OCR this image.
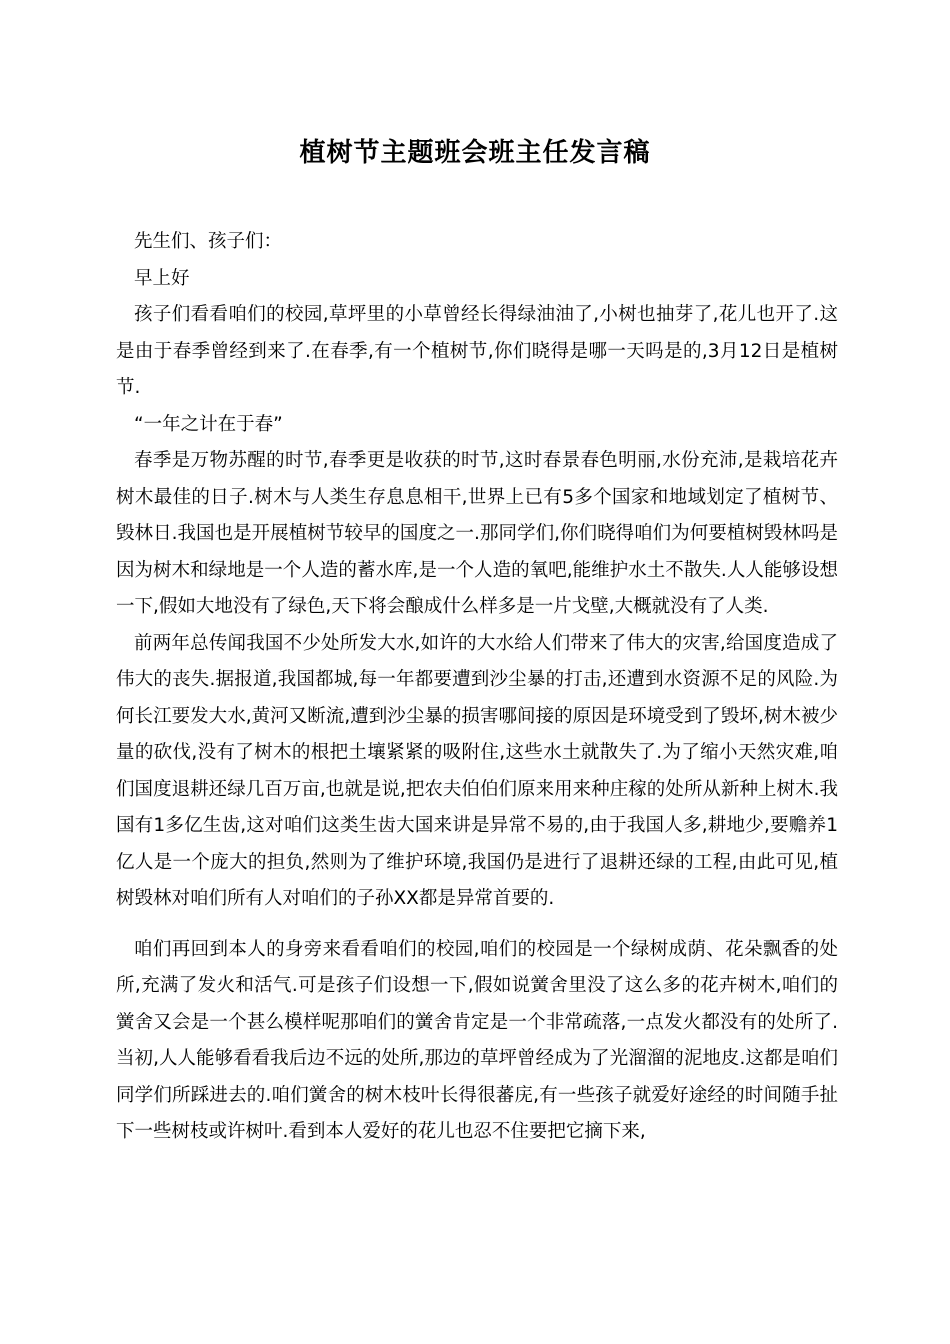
植树节主题班会班主任发言稿

先生们、孩子们：

早上好

孩子们看看咱们的校园,草坪里的小草曾经长得绿油油了,小树也抽芽了,花儿也开了.这是由于春季曾经到来了.在春季,有一个植树节,你们晓得是哪一天吗是的,3月12日是植树节.

“一年之计在于春”

春季是万物苏醒的时节,春季更是收获的时节,这时春景春色明丽,水份充沛,是栽培花卉树木最佳的日子.树木与人类生存息息相干,世界上已有5多个国家和地域划定了植树节、毁林日.我国也是开展植树节较早的国度之一.那同学们,你们晓得咱们为何要植树毁林吗是因为树木和绿地是一个人造的蓄水库,是一个人造的氧吧,能维护水土不散失.人人能够设想一下,假如大地没有了绿色,天下将会酿成什么样多是一片戈壁,大概就没有了人类.

前两年总传闻我国不少处所发大水,如许的大水给人们带来了伟大的灾害,给国度造成了伟大的丧失.据报道,我国都城,每一年都要遭到沙尘暴的打击,还遭到水资源不足的风险.为何长江要发大水,黄河又断流,遭到沙尘暴的损害哪间接的原因是环境受到了毁坏,树木被少量的砍伐,没有了树木的根把土壤紧紧的吸附住,这些水土就散失了.为了缩小天然灾难,咱们国度退耕还绿几百万亩,也就是说,把农夫伯伯们原来用来种庄稼的处所从新种上树木.我国有1多亿生齿,这对咱们这类生齿大国来讲是异常不易的,由于我国人多,耕地少,要赡养1亿人是一个庞大的担负,然则为了维护环境,我国仍是进行了退耕还绿的工程,由此可见,植树毁林对咱们所有人对咱们的子孙XX都是异常首要的.

咱们再回到本人的身旁来看看咱们的校园,咱们的校园是一个绿树成荫、花朵飘香的处所,充满了发火和活气.可是孩子们设想一下,假如说黉舍里没了这么多的花卉树木,咱们的黉舍又会是一个甚么模样呢那咱们的黉舍肯定是一个非常疏落,一点发火都没有的处所了.当初,人人能够看看我后边不远的处所,那边的草坪曾经成为了光溜溜的泥地皮.这都是咱们同学们所踩进去的.咱们黉舍的树木枝叶长得很蕃庑,有一些孩子就爱好途经的时间随手扯下一些树枝或许树叶.看到本人爱好的花儿也忍不住要把它摘下来,
